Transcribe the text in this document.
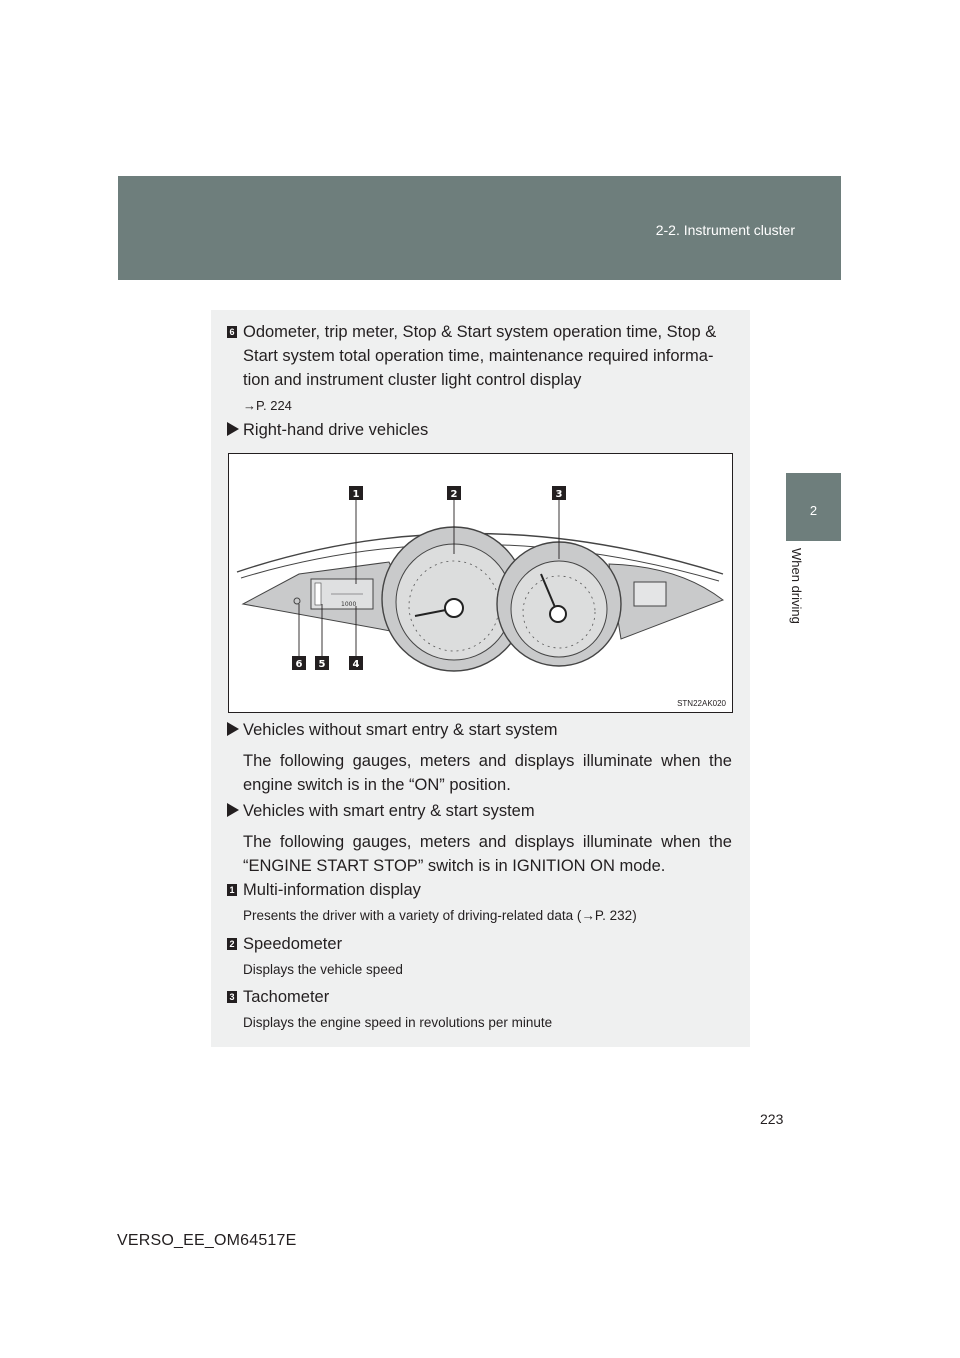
2-2. Instrument cluster
2
When driving
6 Odometer, trip meter, Stop & Start system operation time, Stop &
Start system total operation time, maintenance required informa-
tion and instrument cluster light control display
→P. 224
Right-hand drive vehicles
Vehicles without smart entry & start system
The following gauges, meters and displays illuminate when the engine switch is in the “ON” position.
Vehicles with smart entry & start system
The following gauges, meters and displays illuminate when the “ENGINE START STOP” switch is in IGNITION ON mode.
1 Multi-information display
Presents the driver with a variety of driving-related data (→P. 232)
2 Speedometer
Displays the vehicle speed
3 Tachometer
Displays the engine speed in revolutions per minute
1000
1	2	3
4
5
6
STN22AK020
223
VERSO_EE_OM64517E
